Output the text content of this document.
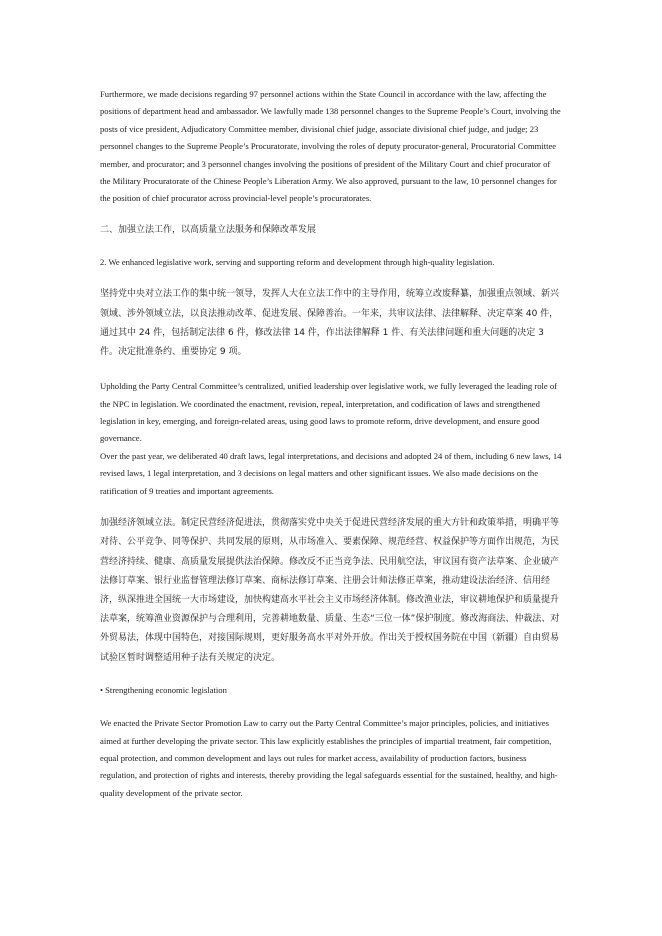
Furthermore, we made decisions regarding 97 personnel actions within the State Council in accordance with the law, affecting the positions of department head and ambassador. We lawfully made 138 personnel changes to the Supreme People’s Court, involving the posts of vice president, Adjudicatory Committee member, divisional chief judge, associate divisional chief judge, and judge; 23 personnel changes to the Supreme People’s Procuratorate, involving the roles of deputy procurator-general, Procuratorial Committee member, and procurator; and 3 personnel changes involving the positions of president of the Military Court and chief procurator of the Military Procuratorate of the Chinese People’s Liberation Army. We also approved, pursuant to the law, 10 personnel changes for the position of chief procurator across provincial-level people’s procuratorates.

二、加强立法工作，以高质量立法服务和保障改革发展

2. We enhanced legislative work, serving and supporting reform and development through high-quality legislation.

坚持党中央对立法工作的集中统一领导，发挥人大在立法工作中的主导作用，统筹立改废释纂，加强重点领域、新兴领域、涉外领域立法，以良法推动改革、促进发展、保障善治。一年来，共审议法律、法律解释、决定草案 40 件，通过其中 24 件，包括制定法律 6 件，修改法律 14 件，作出法律解释 1 件、有关法律问题和重大问题的决定 3 件。决定批准条约、重要协定 9 项。

Upholding the Party Central Committee’s centralized, unified leadership over legislative work, we fully leveraged the leading role of the NPC in legislation. We coordinated the enactment, revision, repeal, interpretation, and codification of laws and strengthened legislation in key, emerging, and foreign-related areas, using good laws to promote reform, drive development, and ensure good governance.

Over the past year, we deliberated 40 draft laws, legal interpretations, and decisions and adopted 24 of them, including 6 new laws, 14 revised laws, 1 legal interpretation, and 3 decisions on legal matters and other significant issues. We also made decisions on the ratification of 9 treaties and important agreements.

加强经济领域立法。制定民营经济促进法，贯彻落实党中央关于促进民营经济发展的重大方针和政策举措，明确平等对待、公平竞争、同等保护、共同发展的原则，从市场准入、要素保障、规范经营、权益保护等方面作出规范，为民营经济持续、健康、高质量发展提供法治保障。修改反不正当竞争法、民用航空法，审议国有资产法草案、企业破产法修订草案、银行业监督管理法修订草案、商标法修订草案、注册会计师法修正草案，推动建设法治经济、信用经济，纵深推进全国统一大市场建设，加快构建高水平社会主义市场经济体制。修改渔业法，审议耕地保护和质量提升法草案，统筹渔业资源保护与合理利用，完善耕地数量、质量、生态“三位一体”保护制度。修改海商法、仲裁法、对外贸易法，体现中国特色，对接国际规则，更好服务高水平对外开放。作出关于授权国务院在中国（新疆）自由贸易试验区暂时调整适用种子法有关规定的决定。

• Strengthening economic legislation

We enacted the Private Sector Promotion Law to carry out the Party Central Committee’s major principles, policies, and initiatives aimed at further developing the private sector. This law explicitly establishes the principles of impartial treatment, fair competition, equal protection, and common development and lays out rules for market access, availability of production factors, business regulation, and protection of rights and interests, thereby providing the legal safeguards essential for the sustained, healthy, and high-quality development of the private sector.
